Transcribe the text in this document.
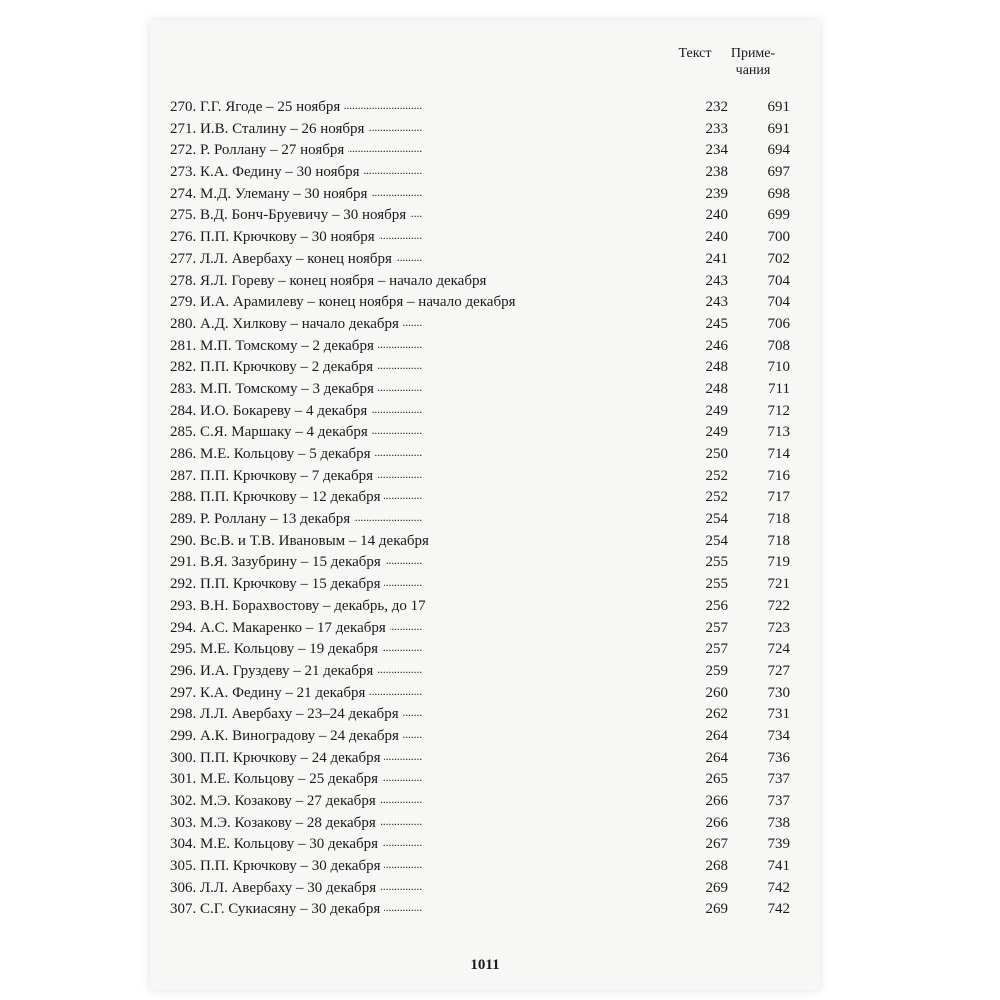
Текст	Приме-
чания
270. Г.Г. Ягоде – 25 ноября . . .	232	691
271. И.В. Сталину – 26 ноября . . .	233	691
272. Р. Роллану – 27 ноября . . .	234	694
273. К.А. Федину – 30 ноября . . .	238	697
274. М.Д. Улеману – 30 ноября . . .	239	698
275. В.Д. Бонч-Бруевичу – 30 ноября . . .	240	699
276. П.П. Крючкову – 30 ноября . . .	240	700
277. Л.Л. Авербаху – конец ноября . . .	241	702
278. Я.Л. Гореву – конец ноября – начало декабря . . .	243	704
279. И.А. Арамилеву – конец ноября – начало декабря . . .	243	704
280. А.Д. Хилкову – начало декабря . . .	245	706
281. М.П. Томскому – 2 декабря . . .	246	708
282. П.П. Крючкову – 2 декабря . . .	248	710
283. М.П. Томскому – 3 декабря . . .	248	711
284. И.О. Бокареву – 4 декабря . . .	249	712
285. С.Я. Маршаку – 4 декабря . . .	249	713
286. М.Е. Кольцову – 5 декабря . . .	250	714
287. П.П. Крючкову – 7 декабря . . .	252	716
288. П.П. Крючкову – 12 декабря . . .	252	717
289. Р. Роллану – 13 декабря . . .	254	718
290. Вс.В. и Т.В. Ивановым – 14 декабря . . .	254	718
291. В.Я. Зазубрину – 15 декабря . . .	255	719
292. П.П. Крючкову – 15 декабря . . .	255	721
293. В.Н. Борахвостову – декабрь, до 17 . . .	256	722
294. А.С. Макаренко – 17 декабря . . .	257	723
295. М.Е. Кольцову – 19 декабря . . .	257	724
296. И.А. Груздеву – 21 декабря . . .	259	727
297. К.А. Федину – 21 декабря . . .	260	730
298. Л.Л. Авербаху – 23–24 декабря . . .	262	731
299. А.К. Виноградову – 24 декабря . . .	264	734
300. П.П. Крючкову – 24 декабря . . .	264	736
301. М.Е. Кольцову – 25 декабря . . .	265	737
302. М.Э. Козакову – 27 декабря . . .	266	737
303. М.Э. Козакову – 28 декабря . . .	266	738
304. М.Е. Кольцову – 30 декабря . . .	267	739
305. П.П. Крючкову – 30 декабря . . .	268	741
306. Л.Л. Авербаху – 30 декабря . . .	269	742
307. С.Г. Сукиасяну – 30 декабря . . .	269	742
1011
